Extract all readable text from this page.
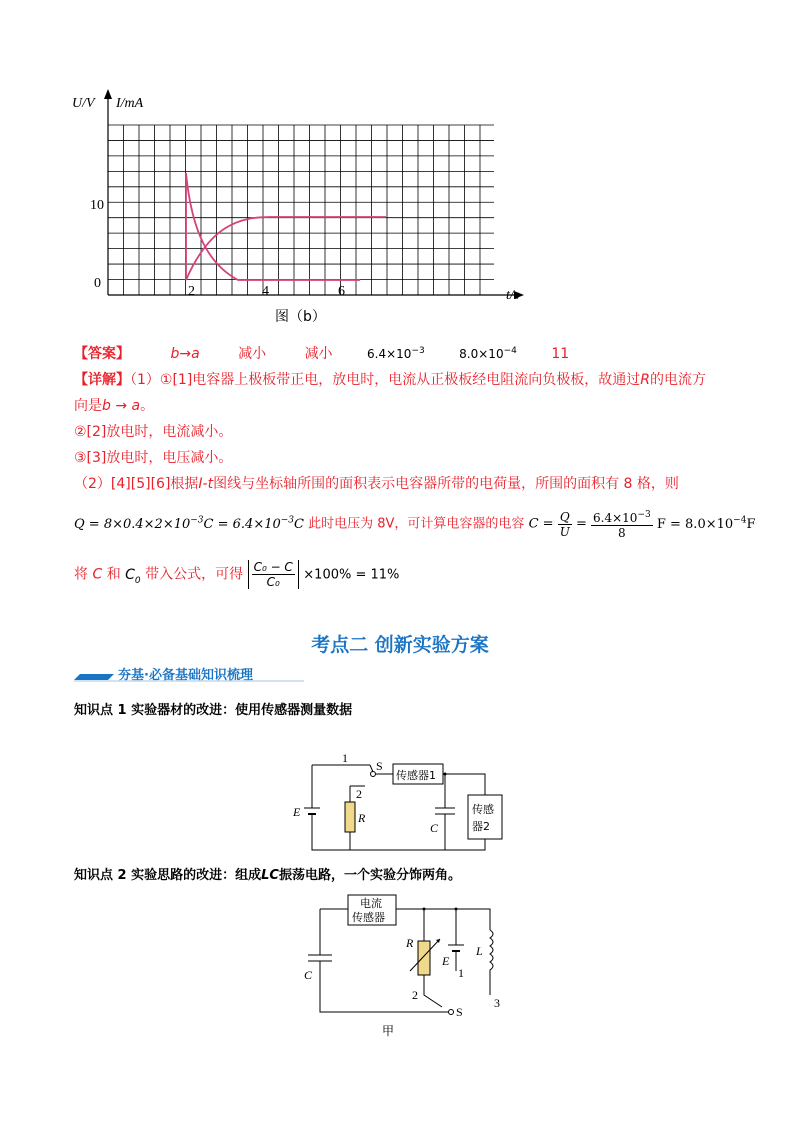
U/V I/mA
10
0
2	4	6	t/s
图（b）
【答案】	b→a	减小	减小	$6.4\times 10^{-3}$	$8.0\times 10^{-4}$ 11
【详解】（1）①[1]电容器上极板带正电，放电时，电流从正极板经电阻流向负极板，故通过R的电流方
向是b → a。
②[2]放电时，电流减小。
③[3]放电时，电压减小。
（2）[4][5][6]根据I-t图线与坐标轴所围的面积表示电容器所带的电荷量，所围的面积有 8 格，则
$Q = 8\times 0.4\times 2\times 10^{-3}C = 6.4\times 10^{-3}C$ 此时电压为 8V，可计算电容器的电容 $C = \frac{Q}{U} = \frac{6.4\times 10^{-3}}{8}$ $F = 8.0\times 10^{-4}F$
将 C 和 $C_0$ 带入公式，可得 $\frac{\text{C₀ − C}}{\text{C₀}} \times 100\% = 11\%$
考点二 创新实验方案
夯基·必备基础知识梳理
知识点 1 实验器材的改进：使用传感器测量数据
1
S
传感器1
2
E	R
C
传感
器2
知识点 2 实验思路的改进：组成LC振荡电路，一个实验分饰两角。
电流
传感器
R
E
L
C	1
2
3
S
甲
